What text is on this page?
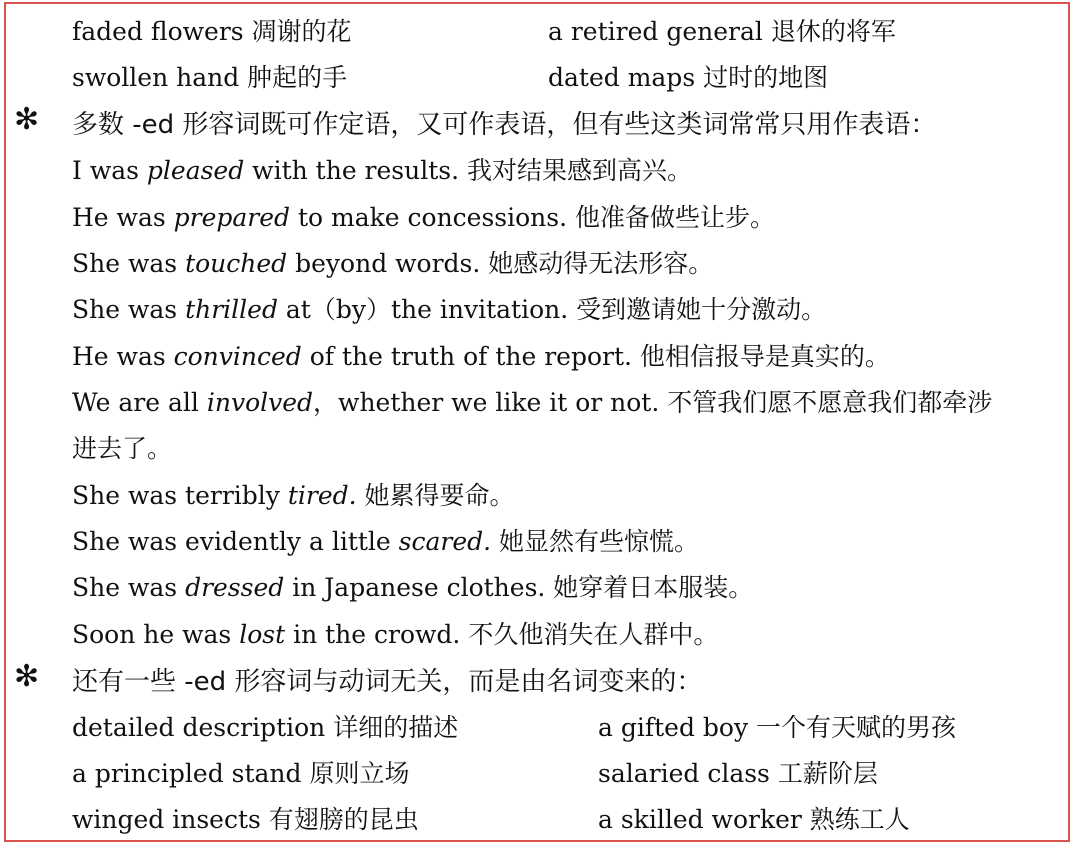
faded flowers 凋谢的花	a retired general 退休的将军
swollen hand 肿起的手	dated maps 过时的地图
✻ 多数 -ed 形容词既可作定语，又可作表语，但有些这类词常常只用作表语：
I was pleased with the results. 我对结果感到高兴。
He was prepared to make concessions. 他准备做些让步。
She was touched beyond words. 她感动得无法形容。
She was thrilled at（by）the invitation. 受到邀请她十分激动。
He was convinced of the truth of the report. 他相信报导是真实的。
We are all involved，whether we like it or not. 不管我们愿不愿意我们都牵涉
进去了。
She was terribly tired. 她累得要命。
She was evidently a little scared. 她显然有些惊慌。
She was dressed in Japanese clothes. 她穿着日本服装。
Soon he was lost in the crowd. 不久他消失在人群中。
✻ 还有一些 -ed 形容词与动词无关，而是由名词变来的：
detailed description 详细的描述	a gifted boy 一个有天赋的男孩
a principled stand 原则立场	salaried class 工薪阶层
winged insects 有翅膀的昆虫	a skilled worker 熟练工人
